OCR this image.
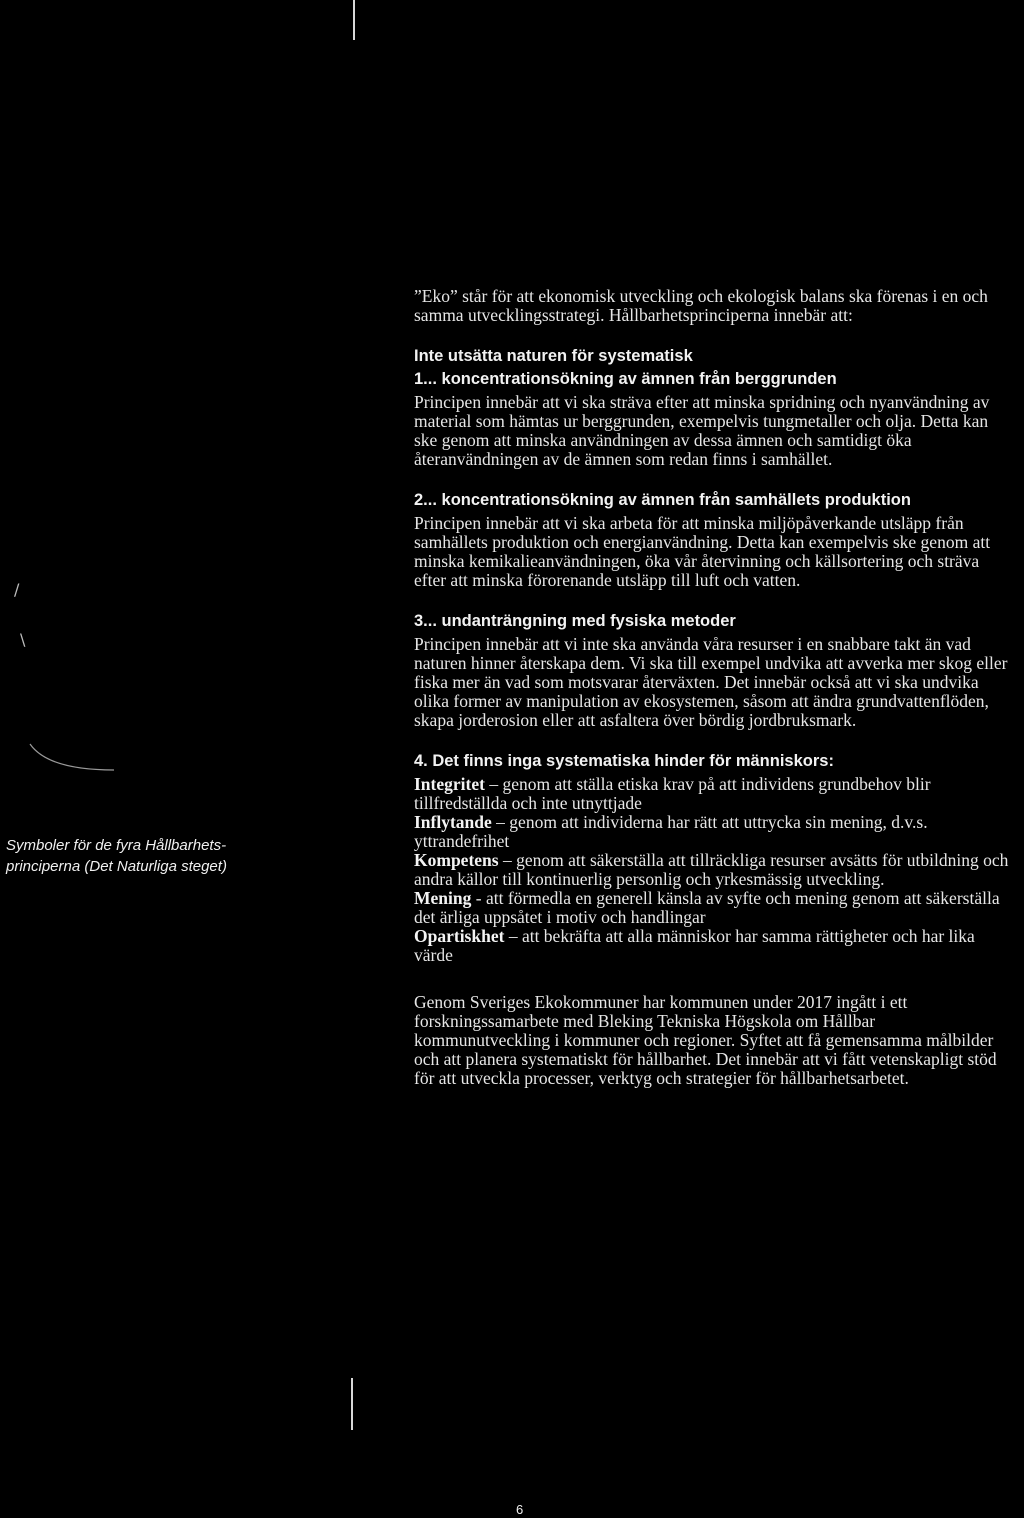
/
\

Symboler för de fyra Hållbarhets-principerna (Det Naturliga steget)

”Eko” står för att ekonomisk utveckling och ekologisk balans ska förenas i en och samma utvecklingsstrategi. Hållbarhetsprinciperna innebär att:

Inte utsätta naturen för systematisk

1... koncentrationsökning av ämnen från berggrunden

Principen innebär att vi ska sträva efter att minska spridning och nyanvändning av material som hämtas ur berggrunden, exempelvis tungmetaller och olja. Detta kan ske genom att minska användningen av dessa ämnen och samtidigt öka återanvändningen av de ämnen som redan finns i samhället.

2... koncentrationsökning av ämnen från samhällets produktion

Principen innebär att vi ska arbeta för att minska miljöpåverkande utsläpp från samhällets produktion och energianvändning. Detta kan exempelvis ske genom att minska kemikalieanvändningen, öka vår återvinning och källsortering och sträva efter att minska förorenande utsläpp till luft och vatten.

3... undanträngning med fysiska metoder

Principen innebär att vi inte ska använda våra resurser i en snabbare takt än vad naturen hinner återskapa dem. Vi ska till exempel undvika att avverka mer skog eller fiska mer än vad som motsvarar återväxten. Det innebär också att vi ska undvika olika former av manipulation av ekosystemen, såsom att ändra grundvattenflöden, skapa jorderosion eller att asfaltera över bördig jordbruksmark.

4. Det finns inga systematiska hinder för människors:

Integritet – genom att ställa etiska krav på att individens grundbehov blir tillfredställda och inte utnyttjade

Inflytande – genom att individerna har rätt att uttrycka sin mening, d.v.s. yttrandefrihet

Kompetens – genom att säkerställa att tillräckliga resurser avsätts för utbildning och andra källor till kontinuerlig personlig och yrkesmässig utveckling.

Mening - att förmedla en generell känsla av syfte och mening genom att säkerställa det ärliga uppsåtet i motiv och handlingar

Opartiskhet – att bekräfta att alla människor har samma rättigheter och har lika värde

Genom Sveriges Ekokommuner har kommunen under 2017 ingått i ett forskningssamarbete med Bleking Tekniska Högskola om Hållbar kommunutveckling i kommuner och regioner. Syftet att få gemensamma målbilder och att planera systematiskt för hållbarhet. Det innebär att vi fått vetenskapligt stöd för att utveckla processer, verktyg och strategier för hållbarhetsarbetet.

6
